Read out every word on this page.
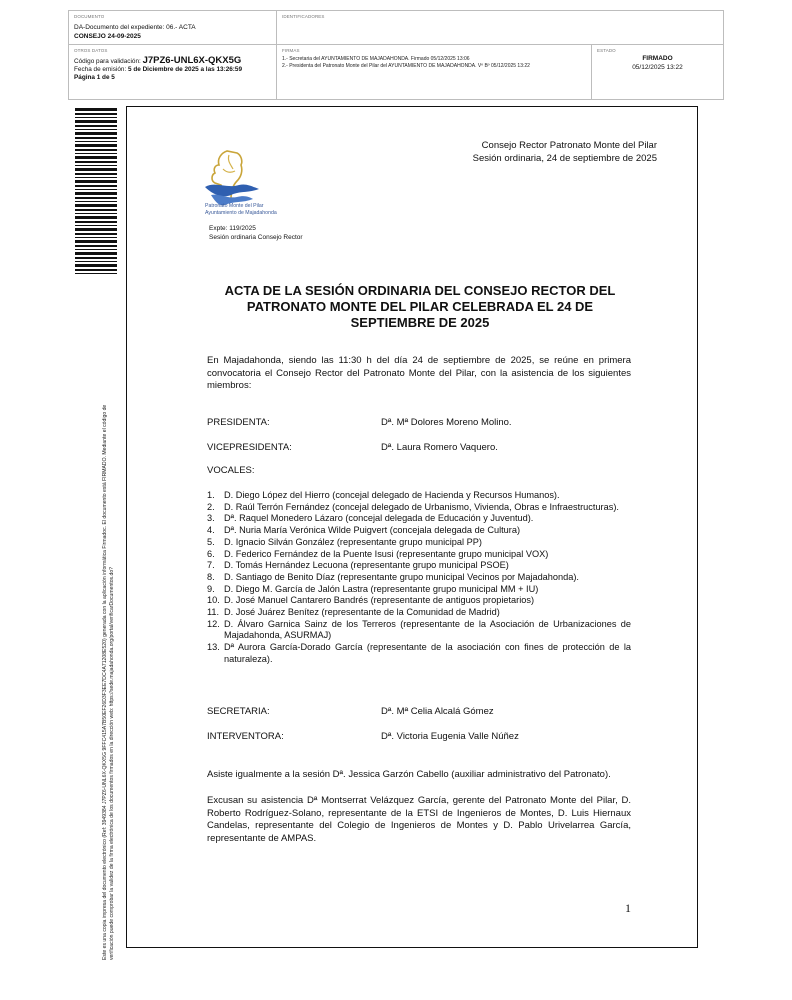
DOCUMENTO
DA-Documento del expediente: 06.- ACTA
CONSEJO 24-09-2025
IDENTIFICADORES
OTROS DATOS
Código para validación: J7PZ6-UNL6X-QKX5G
Fecha de emisión: 5 de Diciembre de 2025 a las 13:26:59
Página 1 de 5
FIRMAS
1.- Secretaria del AYUNTAMIENTO DE MAJADAHONDA. Firmado 05/12/2025 13:06
2.- Presidenta del Patronato Monte del Pilar del AYUNTAMIENTO DE MAJADAHONDA. Vº Bº 05/12/2025 13:22
ESTADO
FIRMADO
05/12/2025 13:22
Este es una copia impresa del documento electrónico (Ref: 3949384 J7PZ6-UNL6X-QKX5G 9FFC415A7B50EF26D3F3EE7DC4A71208E520) generada con la aplicación informática Firmadoc. El documento está FIRMADO. Mediante el código de verificación puede comprobar la validez de la firma electrónica de los documentos firmados en la dirección web: https://sede.majadahonda.org/portal/verificarDocumentos.do?
Consejo Rector Patronato Monte del Pilar
Sesión ordinaria, 24 de septiembre de 2025
Patronato Monte del Pilar
Ayuntamiento de Majadahonda
Expte: 119/2025
Sesión ordinaria Consejo Rector
ACTA DE LA SESIÓN ORDINARIA DEL CONSEJO RECTOR DEL PATRONATO MONTE DEL PILAR CELEBRADA EL 24 DE SEPTIEMBRE DE 2025
En Majadahonda, siendo las 11:30 h del día 24 de septiembre de 2025, se reúne en primera convocatoria el Consejo Rector del Patronato Monte del Pilar, con la asistencia de los siguientes miembros:
PRESIDENTA:	Dª. Mª Dolores Moreno Molino.
VICEPRESIDENTA:	Dª. Laura Romero Vaquero.
VOCALES:
1.	D. Diego López del Hierro (concejal delegado de Hacienda y Recursos Humanos).
2.	D. Raúl Terrón Fernández (concejal delegado de Urbanismo, Vivienda, Obras e Infraestructuras).
3.	Dª. Raquel Monedero Lázaro (concejal delegada de Educación y Juventud).
4.	Dª. Nuria María Verónica Wilde Puigvert (concejala delegada de Cultura)
5.	D. Ignacio Silván González (representante grupo municipal PP)
6.	D. Federico Fernández de la Puente Isusi (representante grupo municipal VOX)
7.	D. Tomás Hernández Lecuona (representante grupo municipal PSOE)
8.	D. Santiago de Benito Díaz (representante grupo municipal Vecinos por Majadahonda).
9.	D. Diego M. García de Jalón Lastra (representante grupo municipal MM + IU)
10. D. José Manuel Cantarero Bandrés (representante de antiguos propietarios)
11. D. José Juárez Benítez (representante de la Comunidad de Madrid)
12. D. Álvaro Garnica Sainz de los Terreros (representante de la Asociación de Urbanizaciones de Majadahonda, ASURMAJ)
13. Dª Aurora García-Dorado García (representante de la asociación con fines de protección de la naturaleza).
SECRETARIA:	Dª. Mª Celia Alcalá Gómez
INTERVENTORA:	Dª. Victoria Eugenia Valle Núñez
Asiste igualmente a la sesión Dª. Jessica Garzón Cabello (auxiliar administrativo del Patronato).
Excusan su asistencia Dª Montserrat Velázquez García, gerente del Patronato Monte del Pilar, D. Roberto Rodríguez-Solano, representante de la ETSI de Ingenieros de Montes, D. Luis Hiernaux Candelas, representante del Colegio de Ingenieros de Montes y D. Pablo Urivelarrea García, representante de AMPAS.
1
